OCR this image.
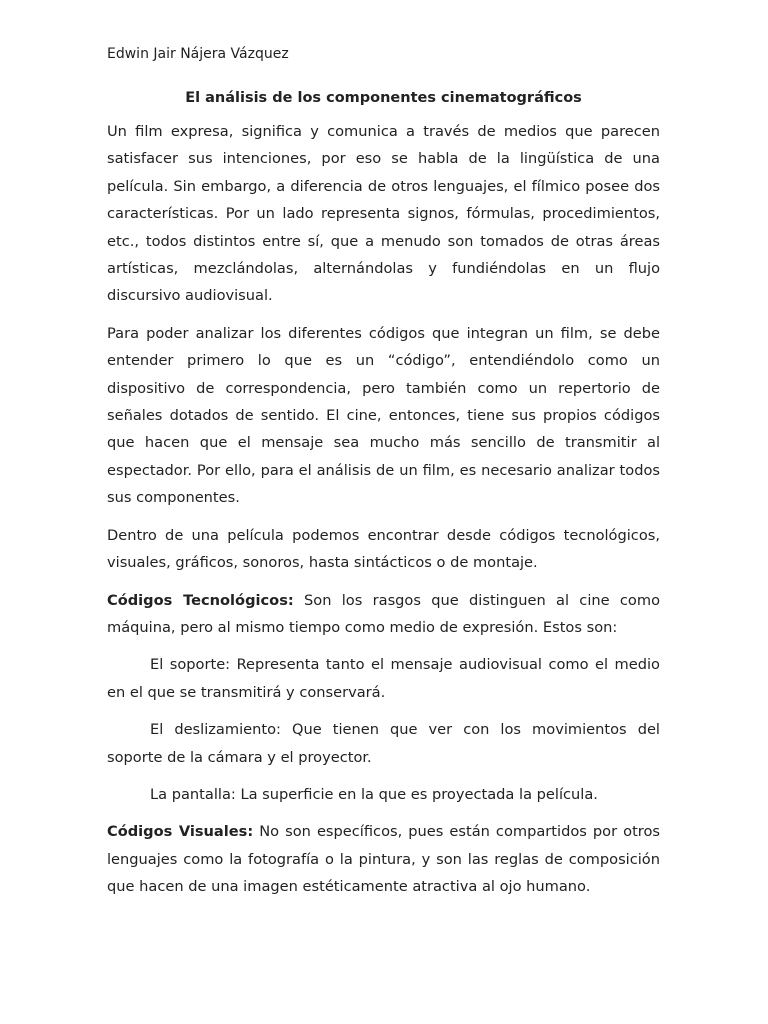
Edwin Jair Nájera Vázquez
El análisis de los componentes cinematográficos

Un film expresa, significa y comunica a través de medios que parecen satisfacer sus intenciones, por eso se habla de la lingüística de una película. Sin embargo, a diferencia de otros lenguajes, el fílmico posee dos características. Por un lado representa signos, fórmulas, procedimientos, etc., todos distintos entre sí, que a menudo son tomados de otras áreas artísticas, mezclándolas, alternándolas y fundiéndolas en un flujo discursivo audiovisual.

Para poder analizar los diferentes códigos que integran un film, se debe entender primero lo que es un “código”, entendiéndolo como un dispositivo de correspondencia, pero también como un repertorio de señales dotados de sentido. El cine, entonces, tiene sus propios códigos que hacen que el mensaje sea mucho más sencillo de transmitir al espectador. Por ello, para el análisis de un film, es necesario analizar todos sus componentes.

Dentro de una película podemos encontrar desde códigos tecnológicos, visuales, gráficos, sonoros, hasta sintácticos o de montaje.

Códigos Tecnológicos: Son los rasgos que distinguen al cine como máquina, pero al mismo tiempo como medio de expresión. Estos son:

El soporte: Representa tanto el mensaje audiovisual como el medio en el que se transmitirá y conservará.

El deslizamiento: Que tienen que ver con los movimientos del soporte de la cámara y el proyector.

La pantalla: La superficie en la que es proyectada la película.

Códigos Visuales: No son específicos, pues están compartidos por otros lenguajes como la fotografía o la pintura, y son las reglas de composición que hacen de una imagen estéticamente atractiva al ojo humano.
